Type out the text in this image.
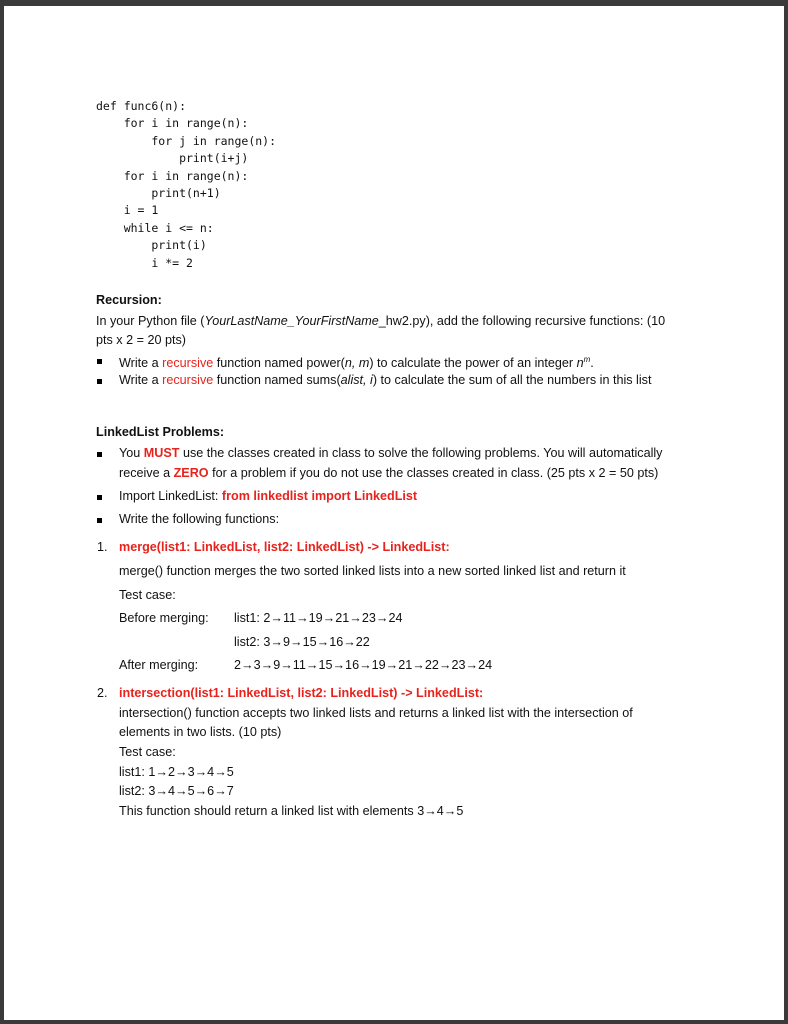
def func6(n):
for i in range(n):
for j in range(n):
print(i+j)
for i in range(n):
print(n+1)
i = 1
while i <= n:
print(i)
i *= 2
Recursion:
In your Python file (YourLastName_YourFirstName_hw2.py), add the following recursive functions: (10
pts x 2 = 20 pts)
Write a recursive function named power(n, m) to calculate the power of an integer $n^m$.
Write a recursive function named sums(alist, i) to calculate the sum of all the numbers in this list
LinkedList Problems:
You MUST use the classes created in class to solve the following problems. You will automatically
receive a ZERO for a problem if you do not use the classes created in class. (25 pts x 2 = 50 pts)
Import LinkedList: from linkedlist import LinkedList
Write the following functions:
1. merge(list1: LinkedList, list2: LinkedList) -> LinkedList:
merge() function merges the two sorted linked lists into a new sorted linked list and return it
Test case:
Before merging: list1: 2→11→19→21→23→24
list2: 3→9→15→16→22
After merging:	2→3→9→11→15→16→19→21→22→23→24
2. intersection(list1: LinkedList, list2: LinkedList) -> LinkedList:
intersection() function accepts two linked lists and returns a linked list with the intersection of
elements in two lists. (10 pts)
Test case:
list1: 1→2→3→4→5
list2: 3→4→5→6→7
This function should return a linked list with elements 3→4→5
